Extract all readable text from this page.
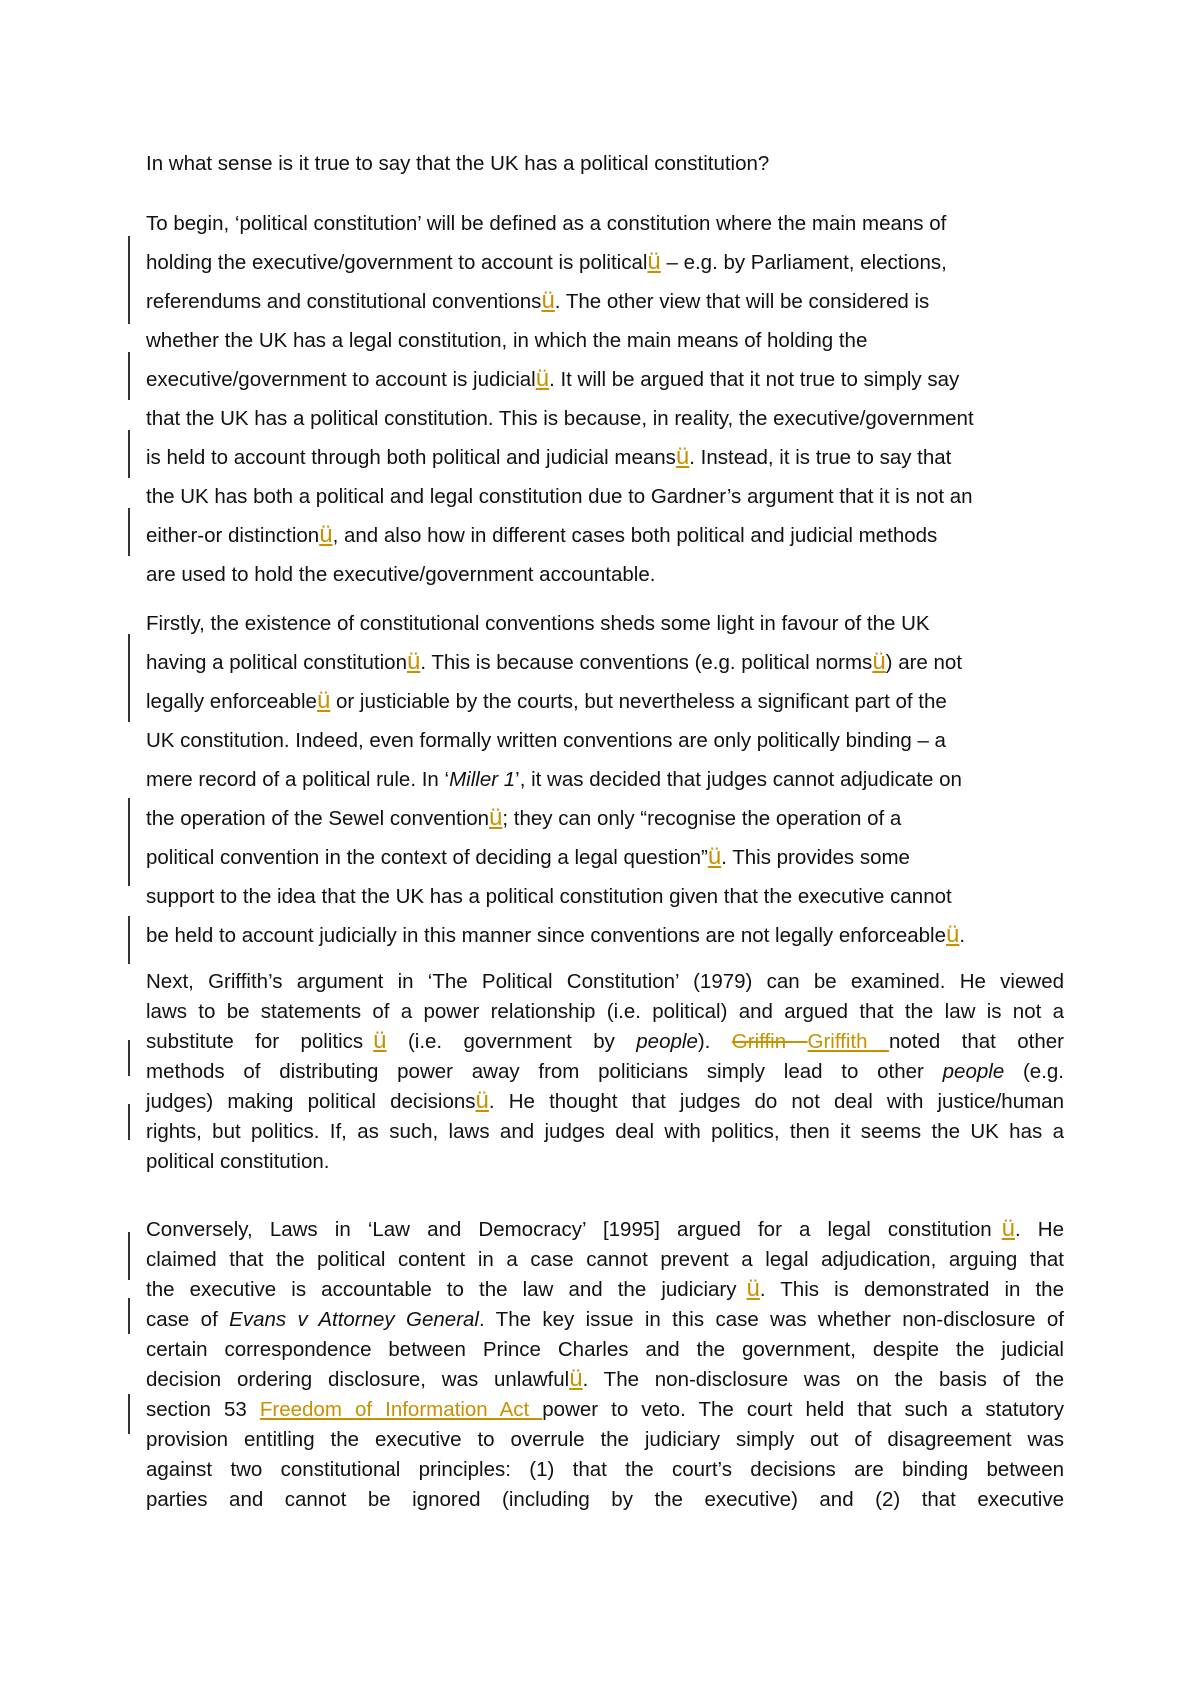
In what sense is it true to say that the UK has a political constitution?

To begin, ‘political constitution’ will be defined as a constitution where the main means of
holding the executive/government to account is politicalü – e.g. by Parliament, elections,
referendums and constitutional conventionsü. The other view that will be considered is
whether the UK has a legal constitution, in which the main means of holding the
executive/government to account is judicialü. It will be argued that it not true to simply say
that the UK has a political constitution. This is because, in reality, the executive/government
is held to account through both political and judicial meansü. Instead, it is true to say that
the UK has both a political and legal constitution due to Gardner’s argument that it is not an
either-or distinctionü, and also how in different cases both political and judicial methods
are used to hold the executive/government accountable.

Firstly, the existence of constitutional conventions sheds some light in favour of the UK
having a political constitutionü. This is because conventions (e.g. political normsü) are not
legally enforceableü or justiciable by the courts, but nevertheless a significant part of the
UK constitution. Indeed, even formally written conventions are only politically binding – a
mere record of a political rule. In ‘Miller 1’, it was decided that judges cannot adjudicate on
the operation of the Sewel conventionü; they can only “recognise the operation of a
political convention in the context of deciding a legal question”ü. This provides some
support to the idea that the UK has a political constitution given that the executive cannot
be held to account judicially in this manner since conventions are not legally enforceableü.

Next, Griffith’s argument in ‘The Political Constitution’ (1979) can be examined. He viewed
laws to be statements of a power relationship (i.e. political) and argued that the law is not a
substitute for politics ü (i.e. government by people). Griffin Griffith noted that other
methods of distributing power away from politicians simply lead to other people (e.g.
judges) making political decisionsü. He thought that judges do not deal with justice/human
rights, but politics. If, as such, laws and judges deal with politics, then it seems the UK has a
political constitution.

Conversely, Laws in ‘Law and Democracy’ [1995] argued for a legal constitution ü. He
claimed that the political content in a case cannot prevent a legal adjudication, arguing that
the executive is accountable to the law and the judiciary ü. This is demonstrated in the
case of Evans v Attorney General. The key issue in this case was whether non-disclosure of
certain correspondence between Prince Charles and the government, despite the judicial
decision ordering disclosure, was unlawfulü. The non-disclosure was on the basis of the
section 53 Freedom of Information Act power to veto. The court held that such a statutory
provision entitling the executive to overrule the judiciary simply out of disagreement was
against two constitutional principles: (1) that the court’s decisions are binding between
parties and cannot be ignored (including by the executive) and (2) that executive
